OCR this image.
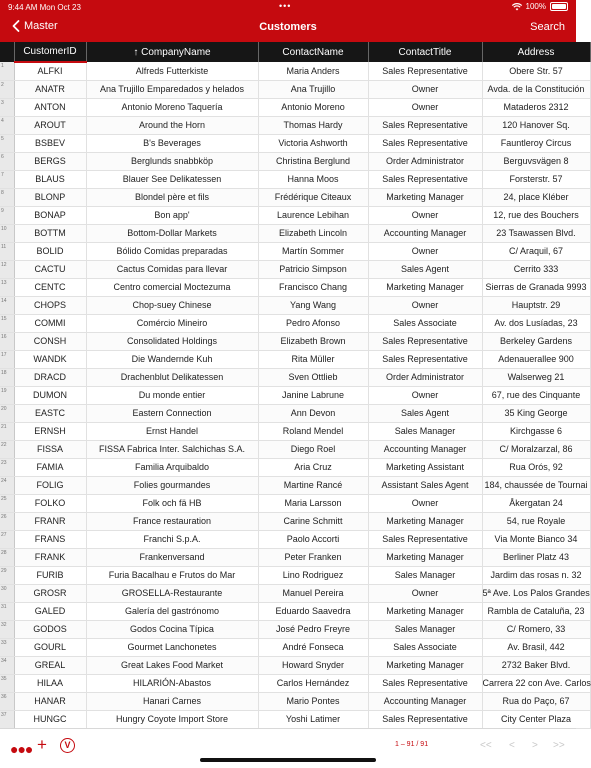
9:44 AM Mon Oct 23	•••	100%
Master	Customers	Search
	CustomerID	↑ CompanyName	ContactName	ContactTitle	Address
1	ALFKI	Alfreds Futterkiste	Maria Anders	Sales Representative	Obere Str. 57
2	ANATR	Ana Trujillo Emparedados y helados	Ana Trujillo	Owner	Avda. de la Constitución
3	ANTON	Antonio Moreno Taquería	Antonio Moreno	Owner	Mataderos 2312
4	AROUT	Around the Horn	Thomas Hardy	Sales Representative	120 Hanover Sq.
5	BSBEV	B's Beverages	Victoria Ashworth	Sales Representative	Fauntleroy Circus
6	BERGS	Berglunds snabbköp	Christina Berglund	Order Administrator	Berguvsvägen 8
7	BLAUS	Blauer See Delikatessen	Hanna Moos	Sales Representative	Forsterstr. 57
8	BLONP	Blondel père et fils	Frédérique Citeaux	Marketing Manager	24, place Kléber
9	BONAP	Bon app'	Laurence Lebihan	Owner	12, rue des Bouchers
10	BOTTM	Bottom-Dollar Markets	Elizabeth Lincoln	Accounting Manager	23 Tsawassen Blvd.
11	BOLID	Bólido Comidas preparadas	Martín Sommer	Owner	C/ Araquil, 67
12	CACTU	Cactus Comidas para llevar	Patricio Simpson	Sales Agent	Cerrito 333
13	CENTC	Centro comercial Moctezuma	Francisco Chang	Marketing Manager	Sierras de Granada 9993
14	CHOPS	Chop-suey Chinese	Yang Wang	Owner	Hauptstr. 29
15	COMMI	Comércio Mineiro	Pedro Afonso	Sales Associate	Av. dos Lusíadas, 23
16	CONSH	Consolidated Holdings	Elizabeth Brown	Sales Representative	Berkeley Gardens
17	WANDK	Die Wandernde Kuh	Rita Müller	Sales Representative	Adenauerallee 900
18	DRACD	Drachenblut Delikatessen	Sven Ottlieb	Order Administrator	Walserweg 21
19	DUMON	Du monde entier	Janine Labrune	Owner	67, rue des Cinquante
20	EASTC	Eastern Connection	Ann Devon	Sales Agent	35 King George
21	ERNSH	Ernst Handel	Roland Mendel	Sales Manager	Kirchgasse 6
22	FISSA	FISSA Fabrica Inter. Salchichas S.A.	Diego Roel	Accounting Manager	C/ Moralzarzal, 86
23	FAMIA	Familia Arquibaldo	Aria Cruz	Marketing Assistant	Rua Orós, 92
24	FOLIG	Folies gourmandes	Martine Rancé	Assistant Sales Agent	184, chaussée de Tournai
25	FOLKO	Folk och fä HB	Maria Larsson	Owner	Åkergatan 24
26	FRANR	France restauration	Carine Schmitt	Marketing Manager	54, rue Royale
27	FRANS	Franchi S.p.A.	Paolo Accorti	Sales Representative	Via Monte Bianco 34
28	FRANK	Frankenversand	Peter Franken	Marketing Manager	Berliner Platz 43
29	FURIB	Furia Bacalhau e Frutos do Mar	Lino Rodriguez	Sales Manager	Jardim das rosas n. 32
30	GROSR	GROSELLA-Restaurante	Manuel Pereira	Owner	5ª Ave. Los Palos Grandes
31	GALED	Galería del gastrónomo	Eduardo Saavedra	Marketing Manager	Rambla de Cataluña, 23
32	GODOS	Godos Cocina Típica	José Pedro Freyre	Sales Manager	C/ Romero, 33
33	GOURL	Gourmet Lanchonetes	André Fonseca	Sales Associate	Av. Brasil, 442
34	GREAL	Great Lakes Food Market	Howard Snyder	Marketing Manager	2732 Baker Blvd.
35	HILAA	HILARIÓN-Abastos	Carlos Hernández	Sales Representative	Carrera 22 con Ave. Carlos
36	HANAR	Hanari Carnes	Mario Pontes	Accounting Manager	Rua do Paço, 67
37	HUNGC	Hungry Coyote Import Store	Yoshi Latimer	Sales Representative	City Center Plaza
●●● +	V	1 – 91 / 91	<< < > >>
